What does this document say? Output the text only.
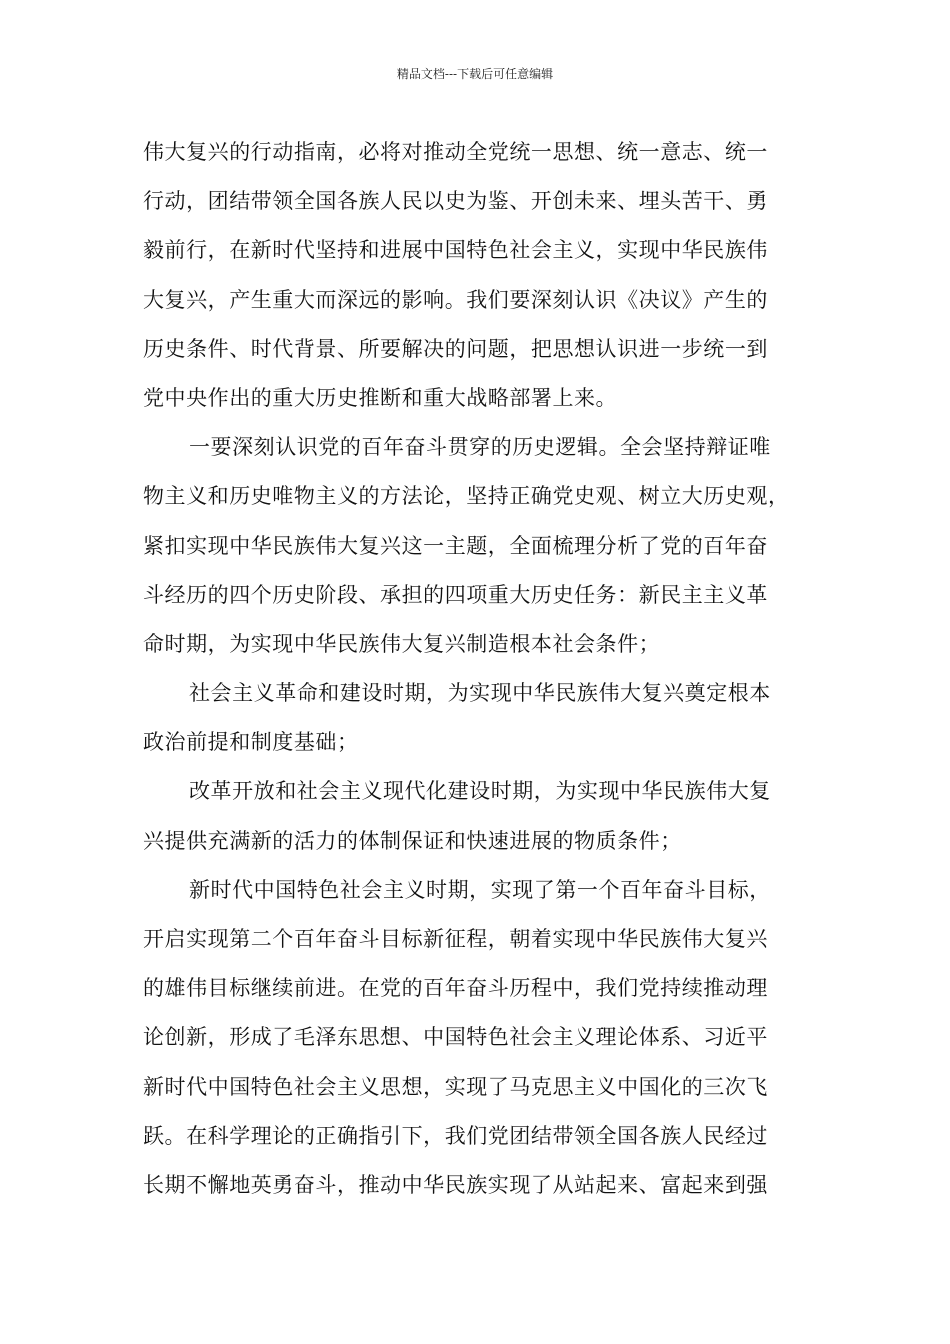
精品文档---下载后可任意编辑
伟大复兴的行动指南，必将对推动全党统一思想、统一意志、统一
行动，团结带领全国各族人民以史为鉴、开创未来、埋头苦干、勇
毅前行，在新时代坚持和进展中国特色社会主义，实现中华民族伟
大复兴，产生重大而深远的影响。我们要深刻认识《决议》产生的
历史条件、时代背景、所要解决的问题，把思想认识进一步统一到
党中央作出的重大历史推断和重大战略部署上来。
一要深刻认识党的百年奋斗贯穿的历史逻辑。全会坚持辩证唯
物主义和历史唯物主义的方法论，坚持正确党史观、树立大历史观，
紧扣实现中华民族伟大复兴这一主题，全面梳理分析了党的百年奋
斗经历的四个历史阶段、承担的四项重大历史任务：新民主主义革
命时期，为实现中华民族伟大复兴制造根本社会条件；
社会主义革命和建设时期，为实现中华民族伟大复兴奠定根本
政治前提和制度基础；
改革开放和社会主义现代化建设时期，为实现中华民族伟大复
兴提供充满新的活力的体制保证和快速进展的物质条件；
新时代中国特色社会主义时期，实现了第一个百年奋斗目标，
开启实现第二个百年奋斗目标新征程，朝着实现中华民族伟大复兴
的雄伟目标继续前进。在党的百年奋斗历程中，我们党持续推动理
论创新，形成了毛泽东思想、中国特色社会主义理论体系、习近平
新时代中国特色社会主义思想，实现了马克思主义中国化的三次飞
跃。在科学理论的正确指引下，我们党团结带领全国各族人民经过
长期不懈地英勇奋斗，推动中华民族实现了从站起来、富起来到强
